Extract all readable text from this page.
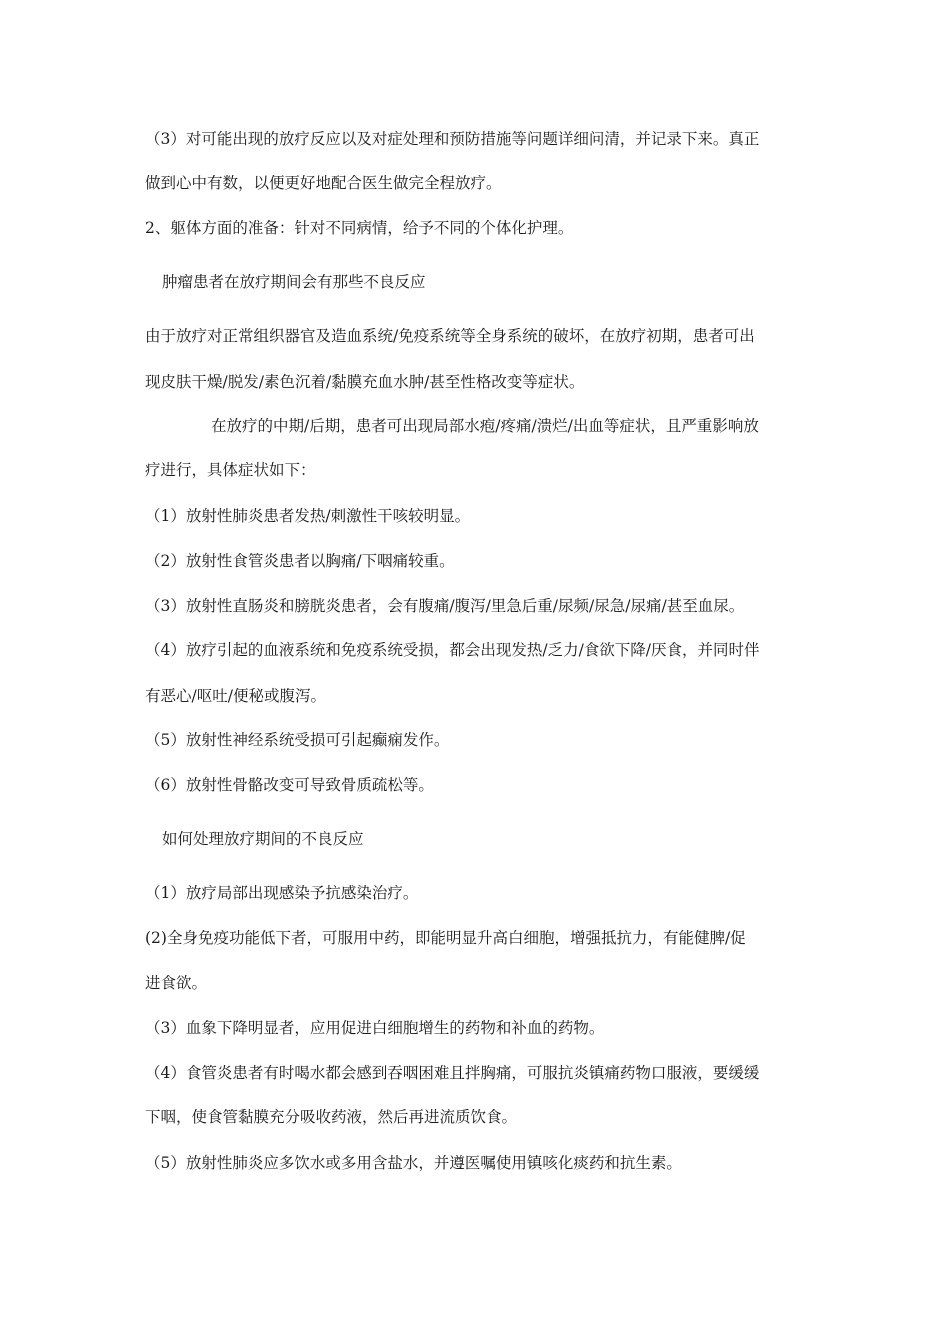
（3）对可能出现的放疗反应以及对症处理和预防措施等问题详细问清，并记录下来。真正
做到心中有数，以便更好地配合医生做完全程放疗。
2、躯体方面的准备：针对不同病情，给予不同的个体化护理。
肿瘤患者在放疗期间会有那些不良反应
由于放疗对正常组织器官及造血系统/免疫系统等全身系统的破坏，在放疗初期，患者可出
现皮肤干燥/脱发/素色沉着/黏膜充血水肿/甚至性格改变等症状。
在放疗的中期/后期，患者可出现局部水疱/疼痛/溃烂/出血等症状，且严重影响放
疗进行，具体症状如下：
（1）放射性肺炎患者发热/刺激性干咳较明显。
（2）放射性食管炎患者以胸痛/下咽痛较重。
（3）放射性直肠炎和膀胱炎患者，会有腹痛/腹泻/里急后重/尿频/尿急/尿痛/甚至血尿。
（4）放疗引起的血液系统和免疫系统受损，都会出现发热/乏力/食欲下降/厌食，并同时伴
有恶心/呕吐/便秘或腹泻。
（5）放射性神经系统受损可引起癫痫发作。
（6）放射性骨骼改变可导致骨质疏松等。
如何处理放疗期间的不良反应
（1）放疗局部出现感染予抗感染治疗。
(2)全身免疫功能低下者，可服用中药，即能明显升高白细胞，增强抵抗力，有能健脾/促
进食欲。
（3）血象下降明显者，应用促进白细胞增生的药物和补血的药物。
（4）食管炎患者有时喝水都会感到吞咽困难且拌胸痛，可服抗炎镇痛药物口服液，要缓缓
下咽，使食管黏膜充分吸收药液，然后再进流质饮食。
（5）放射性肺炎应多饮水或多用含盐水，并遵医嘱使用镇咳化痰药和抗生素。
